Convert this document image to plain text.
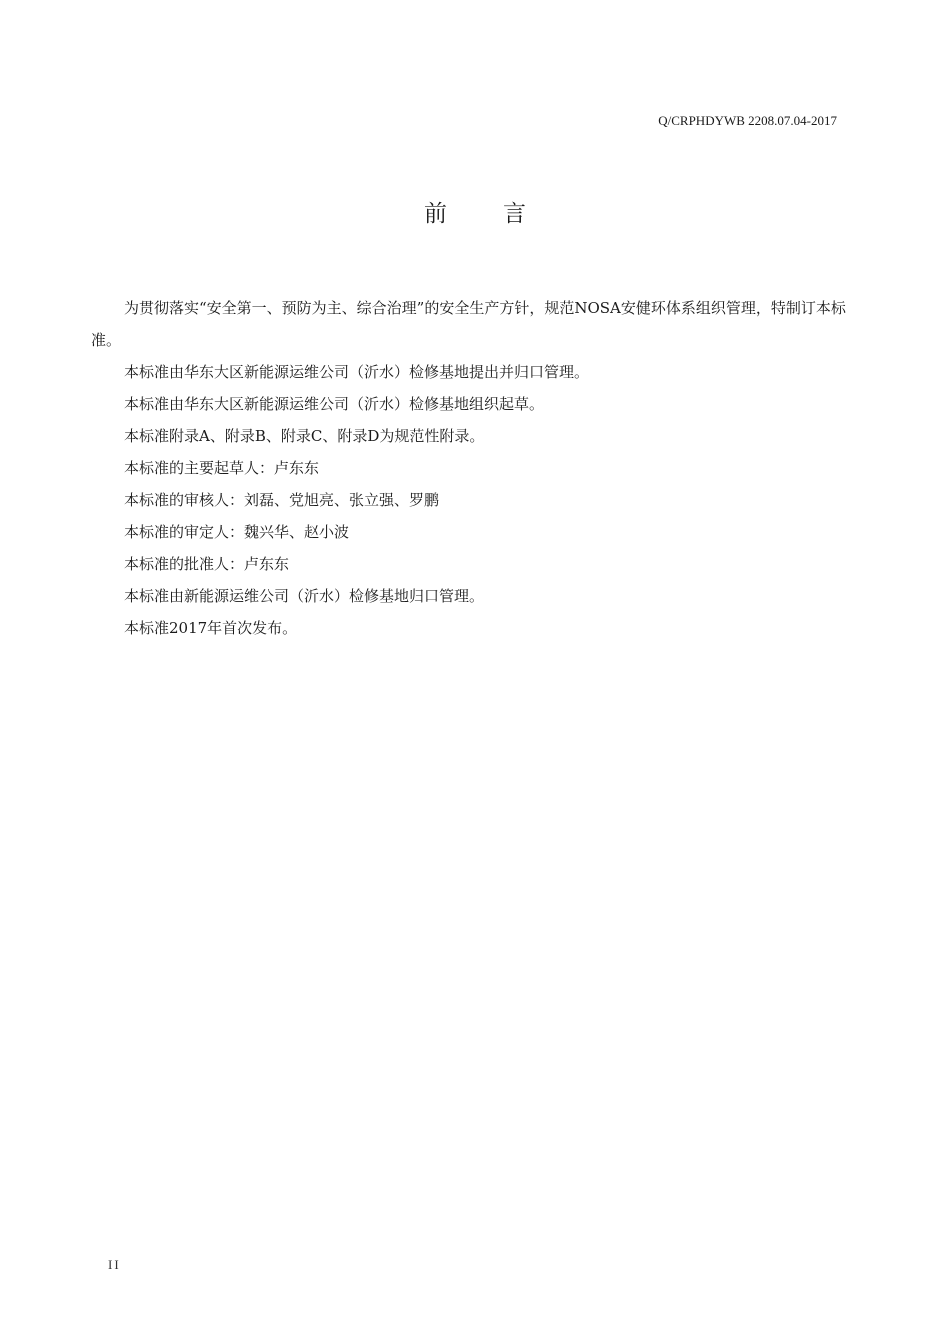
Q/CRPHDYWB 2208.07.04-2017
前言

为贯彻落实“安全第一、预防为主、综合治理”的安全生产方针，规范NOSA安健环体系组织管理，特制订本标准。

本标准由华东大区新能源运维公司（沂水）检修基地提出并归口管理。

本标准由华东大区新能源运维公司（沂水）检修基地组织起草。

本标准附录A、附录B、附录C、附录D为规范性附录。

本标准的主要起草人：卢东东

本标准的审核人：刘磊、党旭亮、张立强、罗鹏

本标准的审定人：魏兴华、赵小波

本标准的批准人：卢东东

本标准由新能源运维公司（沂水）检修基地归口管理。

本标准2017年首次发布。

II
